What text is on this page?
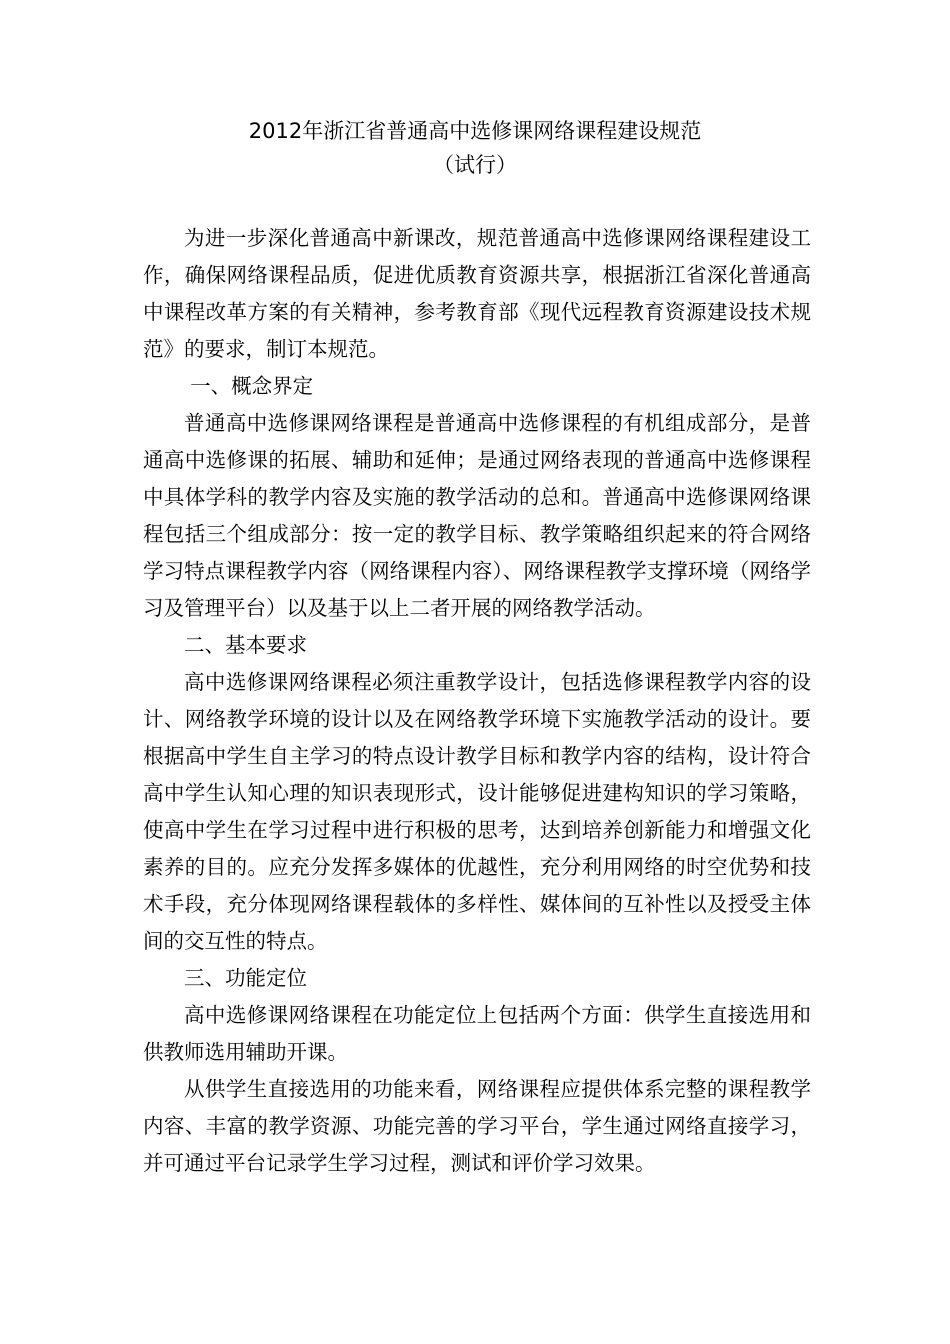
2012年浙江省普通高中选修课网络课程建设规范
（试行）

为进一步深化普通高中新课改，规范普通高中选修课网络课程建设工作，确保网络课程品质，促进优质教育资源共享，根据浙江省深化普通高中课程改革方案的有关精神，参考教育部《现代远程教育资源建设技术规范》的要求，制订本规范。

一、概念界定

普通高中选修课网络课程是普通高中选修课程的有机组成部分，是普通高中选修课的拓展、辅助和延伸；是通过网络表现的普通高中选修课程中具体学科的教学内容及实施的教学活动的总和。普通高中选修课网络课程包括三个组成部分：按一定的教学目标、教学策略组织起来的符合网络学习特点课程教学内容（网络课程内容）、网络课程教学支撑环境（网络学习及管理平台）以及基于以上二者开展的网络教学活动。

二、基本要求

高中选修课网络课程必须注重教学设计，包括选修课程教学内容的设计、网络教学环境的设计以及在网络教学环境下实施教学活动的设计。要根据高中学生自主学习的特点设计教学目标和教学内容的结构，设计符合高中学生认知心理的知识表现形式，设计能够促进建构知识的学习策略，使高中学生在学习过程中进行积极的思考，达到培养创新能力和增强文化素养的目的。应充分发挥多媒体的优越性，充分利用网络的时空优势和技术手段，充分体现网络课程载体的多样性、媒体间的互补性以及授受主体间的交互性的特点。

三、功能定位

高中选修课网络课程在功能定位上包括两个方面：供学生直接选用和供教师选用辅助开课。

从供学生直接选用的功能来看，网络课程应提供体系完整的课程教学内容、丰富的教学资源、功能完善的学习平台，学生通过网络直接学习，并可通过平台记录学生学习过程，测试和评价学习效果。
